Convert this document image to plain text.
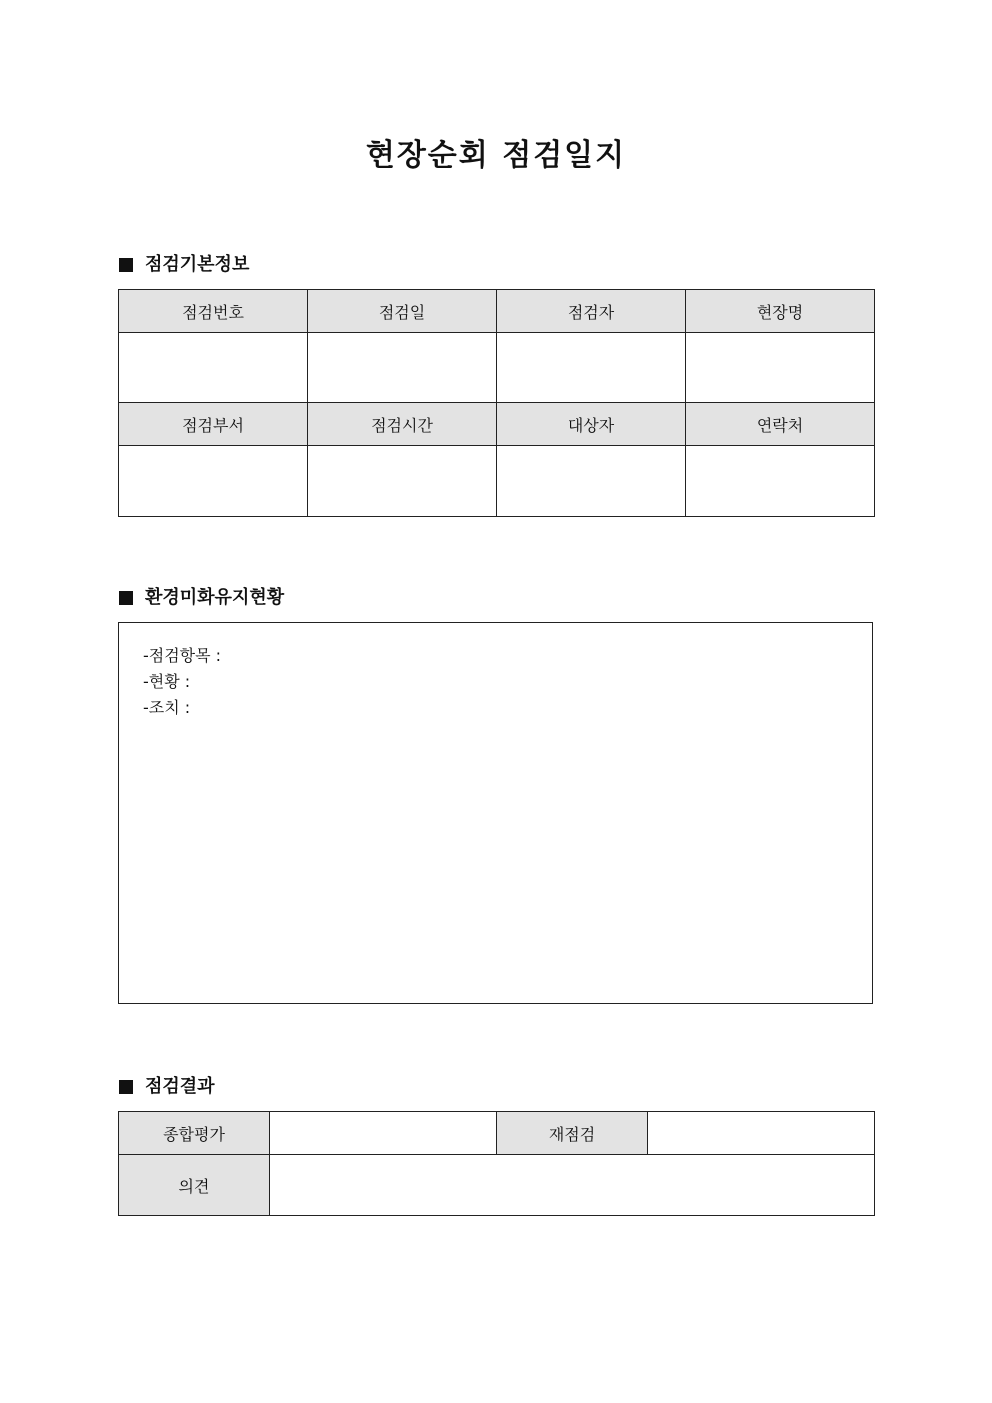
현장순회 점검일지
점검기본정보
점검번호	점검일	점검자	현장명

점검부서	점검시간	대상자	연락처

환경미화유지현황
-점검항목 :
-현황 :
-조치 :
점검결과
종합평가		재점검	
의견			
